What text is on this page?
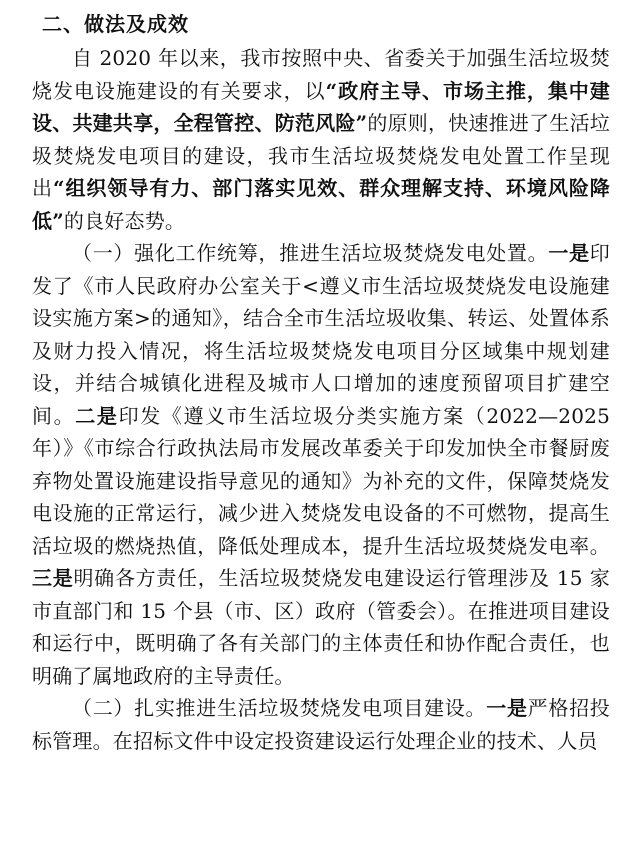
二、做法及成效

自 2020 年以来，我市按照中央、省委关于加强生活垃圾焚烧发电设施建设的有关要求，以“政府主导、市场主推，集中建设、共建共享，全程管控、防范风险”的原则，快速推进了生活垃圾焚烧发电项目的建设，我市生活垃圾焚烧发电处置工作呈现出“组织领导有力、部门落实见效、群众理解支持、环境风险降低”的良好态势。

（一）强化工作统筹，推进生活垃圾焚烧发电处置。一是印发了《市人民政府办公室关于<遵义市生活垃圾焚烧发电设施建设实施方案>的通知》，结合全市生活垃圾收集、转运、处置体系及财力投入情况，将生活垃圾焚烧发电项目分区域集中规划建设，并结合城镇化进程及城市人口增加的速度预留项目扩建空间。二是印发《遵义市生活垃圾分类实施方案（2022—2025 年）》《市综合行政执法局市发展改革委关于印发加快全市餐厨废弃物处置设施建设指导意见的通知》为补充的文件，保障焚烧发电设施的正常运行，减少进入焚烧发电设备的不可燃物，提高生活垃圾的燃烧热值，降低处理成本，提升生活垃圾焚烧发电率。三是明确各方责任，生活垃圾焚烧发电建设运行管理涉及 15 家市直部门和 15 个县（市、区）政府（管委会）。在推进项目建设和运行中，既明确了各有关部门的主体责任和协作配合责任，也明确了属地政府的主导责任。

（二）扎实推进生活垃圾焚烧发电项目建设。一是严格招投标管理。在招标文件中设定投资建设运行处理企业的技术、人员
